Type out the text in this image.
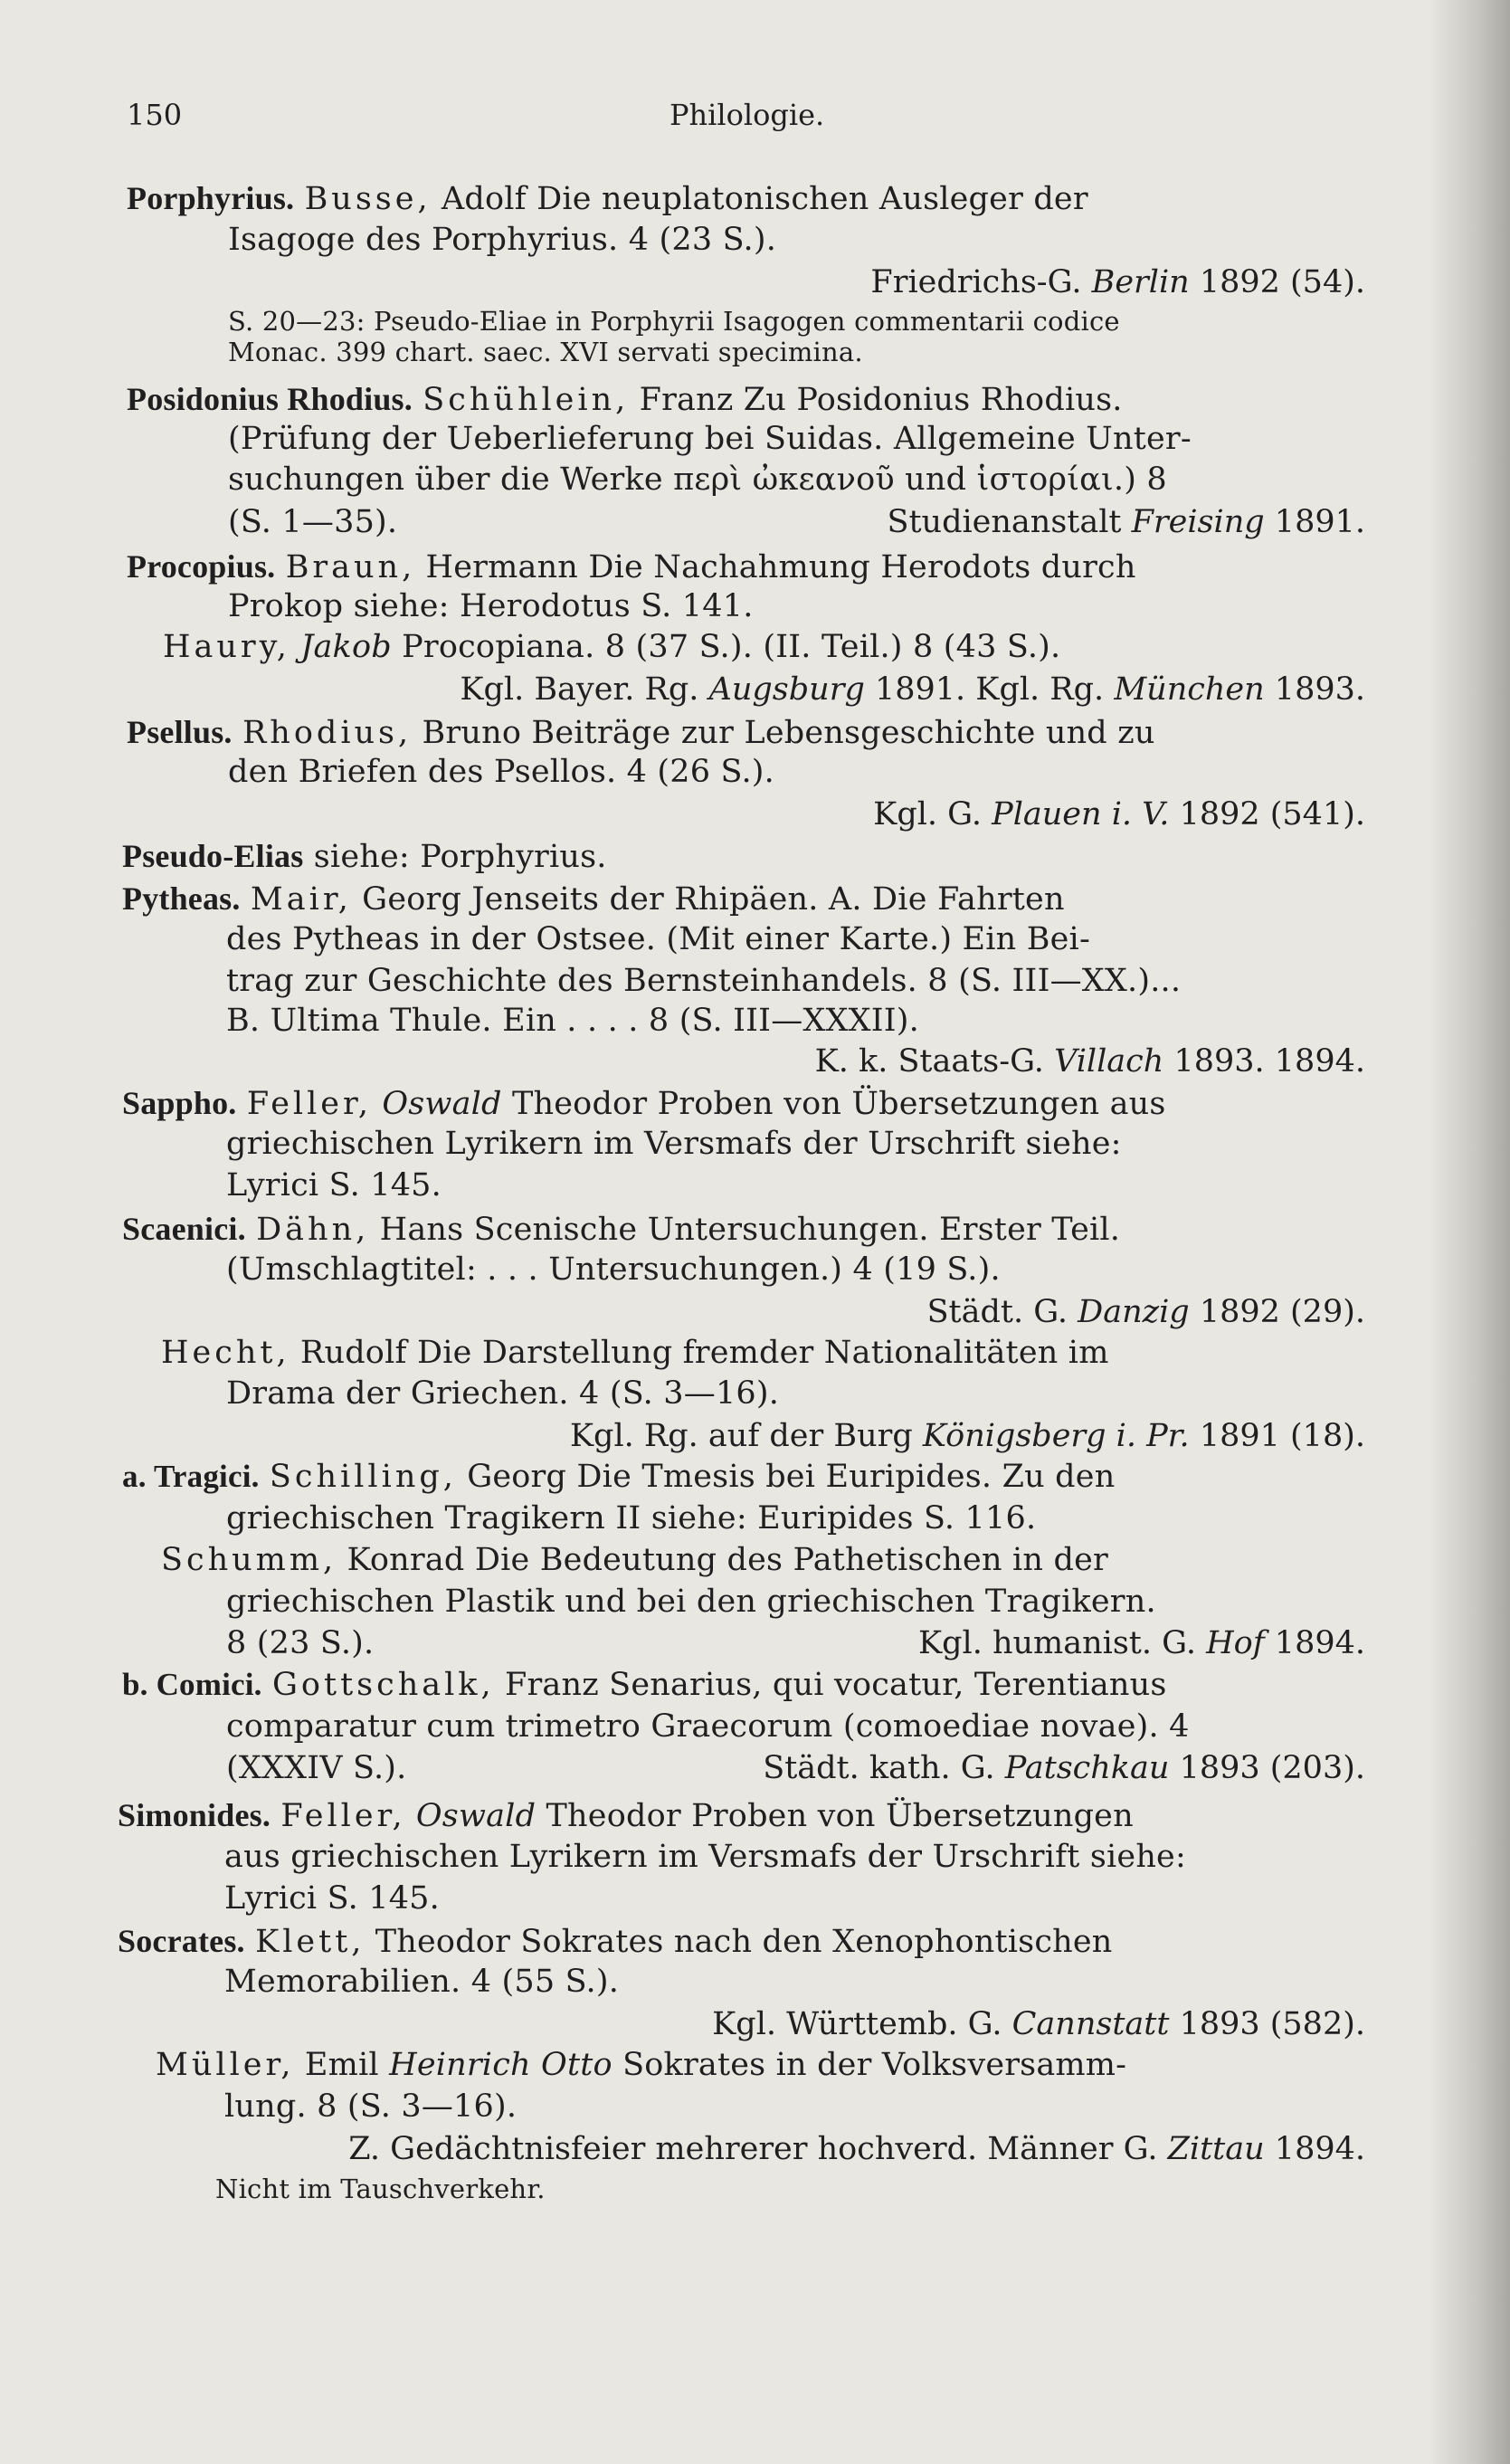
150	Philologie.
Porphyrius. Busse, Adolf Die neuplatonischen Ausleger der
Isagoge des Porphyrius. 4 (23 S.).
Friedrichs-G. Berlin 1892 (54).
S. 20—23: Pseudo-Eliae in Porphyrii Isagogen commentarii codice
Monac. 399 chart. saec. XVI servati specimina.
Posidonius Rhodius. Schühlein, Franz Zu Posidonius Rhodius.
(Prüfung der Ueberlieferung bei Suidas. Allgemeine Unter-
suchungen über die Werke περὶ ὠκεανοῦ und ἱστορίαι.) 8
(S. 1—35).	Studienanstalt Freising 1891.
Procopius. Braun, Hermann Die Nachahmung Herodots durch
Prokop siehe: Herodotus S. 141.
Haury, Jakob Procopiana. 8 (37 S.). (II. Teil.) 8 (43 S.).
Kgl. Bayer. Rg. Augsburg 1891. Kgl. Rg. München 1893.
Psellus. Rhodius, Bruno Beiträge zur Lebensgeschichte und zu
den Briefen des Psellos. 4 (26 S.).
Kgl. G. Plauen i. V. 1892 (541).
Pseudo-Elias siehe: Porphyrius.
Pytheas. Mair, Georg Jenseits der Rhipäen. A. Die Fahrten
des Pytheas in der Ostsee. (Mit einer Karte.) Ein Bei-
trag zur Geschichte des Bernsteinhandels. 8 (S. III—XX.)...
B. Ultima Thule. Ein . . . . 8 (S. III—XXXII).
K. k. Staats-G. Villach 1893. 1894.
Sappho. Feller, Oswald Theodor Proben von Übersetzungen aus
griechischen Lyrikern im Versmafs der Urschrift siehe:
Lyrici S. 145.
Scaenici. Dähn, Hans Scenische Untersuchungen. Erster Teil.
(Umschlagtitel: . . . Untersuchungen.) 4 (19 S.).
Städt. G. Danzig 1892 (29).
Hecht, Rudolf Die Darstellung fremder Nationalitäten im
Drama der Griechen. 4 (S. 3—16).
Kgl. Rg. auf der Burg Königsberg i. Pr. 1891 (18).
a. Tragici. Schilling, Georg Die Tmesis bei Euripides. Zu den
griechischen Tragikern II siehe: Euripides S. 116.
Schumm, Konrad Die Bedeutung des Pathetischen in der
griechischen Plastik und bei den griechischen Tragikern.
8 (23 S.).	Kgl. humanist. G. Hof 1894.
b. Comici. Gottschalk, Franz Senarius, qui vocatur, Terentianus
comparatur cum trimetro Graecorum (comoediae novae). 4
(XXXIV S.).	Städt. kath. G. Patschkau 1893 (203).
Simonides. Feller, Oswald Theodor Proben von Übersetzungen
aus griechischen Lyrikern im Versmafs der Urschrift siehe:
Lyrici S. 145.
Socrates. Klett, Theodor Sokrates nach den Xenophontischen
Memorabilien. 4 (55 S.).
Kgl. Württemb. G. Cannstatt 1893 (582).
Müller, Emil Heinrich Otto Sokrates in der Volksversamm-
lung. 8 (S. 3—16).
Z. Gedächtnisfeier mehrerer hochverd. Männer G. Zittau 1894.
Nicht im Tauschverkehr.
